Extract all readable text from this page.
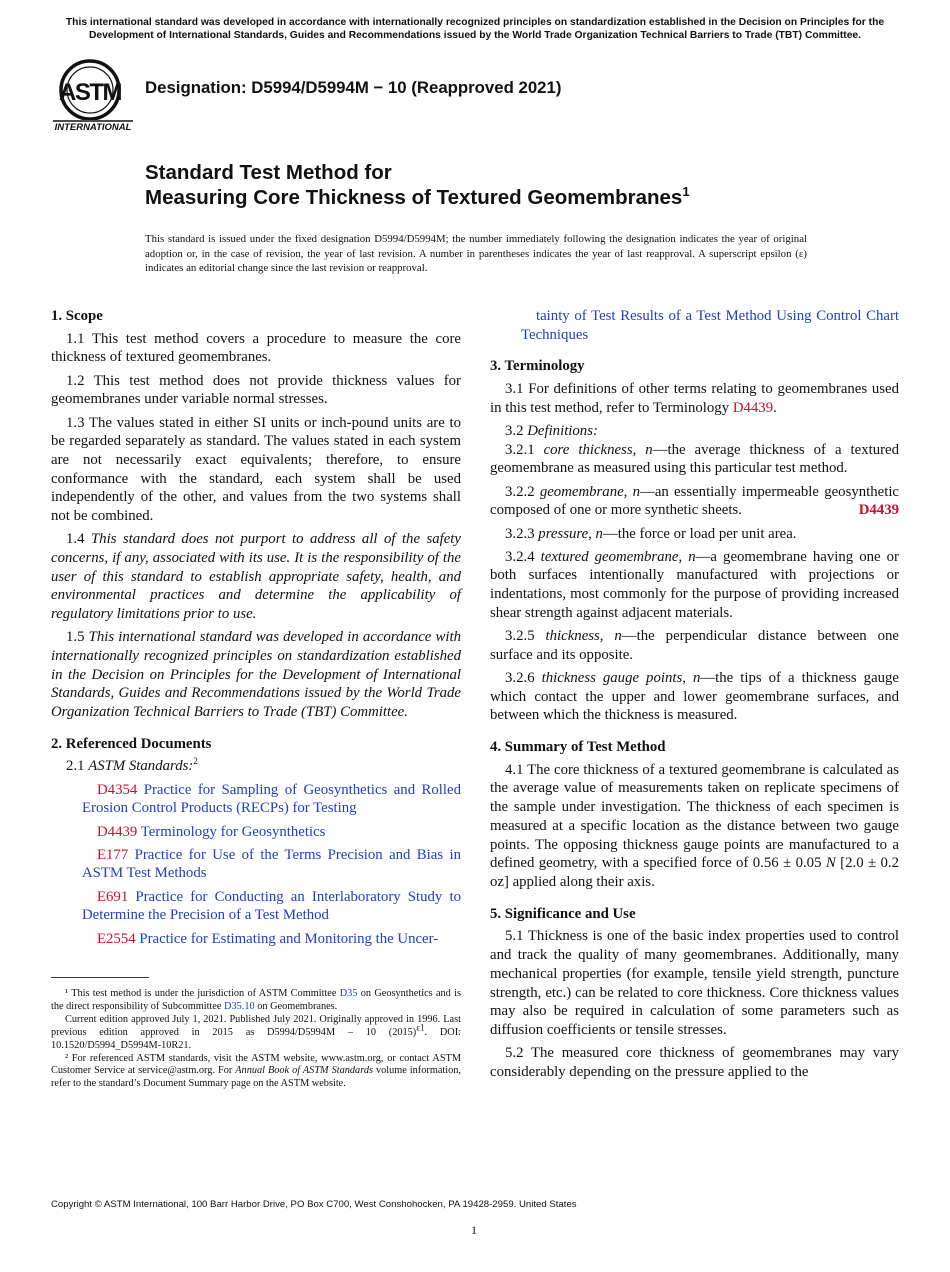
This international standard was developed in accordance with internationally recognized principles on standardization established in the Decision on Principles for the Development of International Standards, Guides and Recommendations issued by the World Trade Organization Technical Barriers to Trade (TBT) Committee.
ASTM
INTERNATIONAL
Designation: D5994/D5994M − 10 (Reapproved 2021)
Standard Test Method for
Measuring Core Thickness of Textured Geomembranes$^1$
This standard is issued under the fixed designation D5994/D5994M; the number immediately following the designation indicates the year of original adoption or, in the case of revision, the year of last revision. A number in parentheses indicates the year of last reapproval. A superscript epsilon (ε) indicates an editorial change since the last revision or reapproval.
1. Scope

1.1 This test method covers a procedure to measure the core thickness of textured geomembranes.

1.2 This test method does not provide thickness values for geomembranes under variable normal stresses.

1.3 The values stated in either SI units or inch-pound units are to be regarded separately as standard. The values stated in each system are not necessarily exact equivalents; therefore, to ensure conformance with the standard, each system shall be used independently of the other, and values from the two systems shall not be combined.

1.4 This standard does not purport to address all of the safety concerns, if any, associated with its use. It is the responsibility of the user of this standard to establish appropriate safety, health, and environmental practices and determine the applicability of regulatory limitations prior to use.

1.5 This international standard was developed in accordance with internationally recognized principles on standardization established in the Decision on Principles for the Development of International Standards, Guides and Recommendations issued by the World Trade Organization Technical Barriers to Trade (TBT) Committee.

2. Referenced Documents

2.1 ASTM Standards:$^2$

D4354 Practice for Sampling of Geosynthetics and Rolled Erosion Control Products (RECPs) for Testing

D4439 Terminology for Geosynthetics

E177 Practice for Use of the Terms Precision and Bias in ASTM Test Methods

E691 Practice for Conducting an Interlaboratory Study to Determine the Precision of a Test Method

E2554 Practice for Estimating and Monitoring the Uncer-

¹ This test method is under the jurisdiction of ASTM Committee D35 on Geosynthetics and is the direct responsibility of Subcommittee D35.10 on Geomembranes.

Current edition approved July 1, 2021. Published July 2021. Originally approved in 1996. Last previous edition approved in 2015 as D5994/D5994M – 10 $(2015)^{\varepsilon 1}$. DOI: 10.1520/D5994_D5994M-10R21.

² For referenced ASTM standards, visit the ASTM website, www.astm.org, or contact ASTM Customer Service at service@astm.org. For Annual Book of ASTM Standards volume information, refer to the standard’s Document Summary page on the ASTM website.

tainty of Test Results of a Test Method Using Control Chart Techniques

3. Terminology

3.1 For definitions of other terms relating to geomembranes used in this test method, refer to Terminology D4439.

3.2 Definitions:

3.2.1 core thickness, n—the average thickness of a textured geomembrane as measured using this particular test method.

3.2.2 geomembrane, n—an essentially impermeable geosynthetic composed of one or more synthetic sheets.	D4439

3.2.3 pressure, n—the force or load per unit area.

3.2.4 textured geomembrane, n—a geomembrane having one or both surfaces intentionally manufactured with projections or indentations, most commonly for the purpose of providing increased shear strength against adjacent materials.

3.2.5 thickness, n—the perpendicular distance between one surface and its opposite.

3.2.6 thickness gauge points, n—the tips of a thickness gauge which contact the upper and lower geomembrane surfaces, and between which the thickness is measured.

4. Summary of Test Method

4.1 The core thickness of a textured geomembrane is calculated as the average value of measurements taken on replicate specimens of the sample under investigation. The thickness of each specimen is measured at a specific location as the distance between two gauge points. The opposing thickness gauge points are manufactured to a defined geometry, with a specified force of 0.56 ± 0.05 N [2.0 ± 0.2 oz] applied along their axis.

5. Significance and Use

5.1 Thickness is one of the basic index properties used to control and track the quality of many geomembranes. Additionally, many mechanical properties (for example, tensile yield strength, puncture strength, etc.) can be related to core thickness. Core thickness values may also be required in calculation of some parameters such as diffusion coefficients or tensile stresses.

5.2 The measured core thickness of geomembranes may vary considerably depending on the pressure applied to the

Copyright © ASTM International, 100 Barr Harbor Drive, PO Box C700, West Conshohocken, PA 19428-2959. United States
1
